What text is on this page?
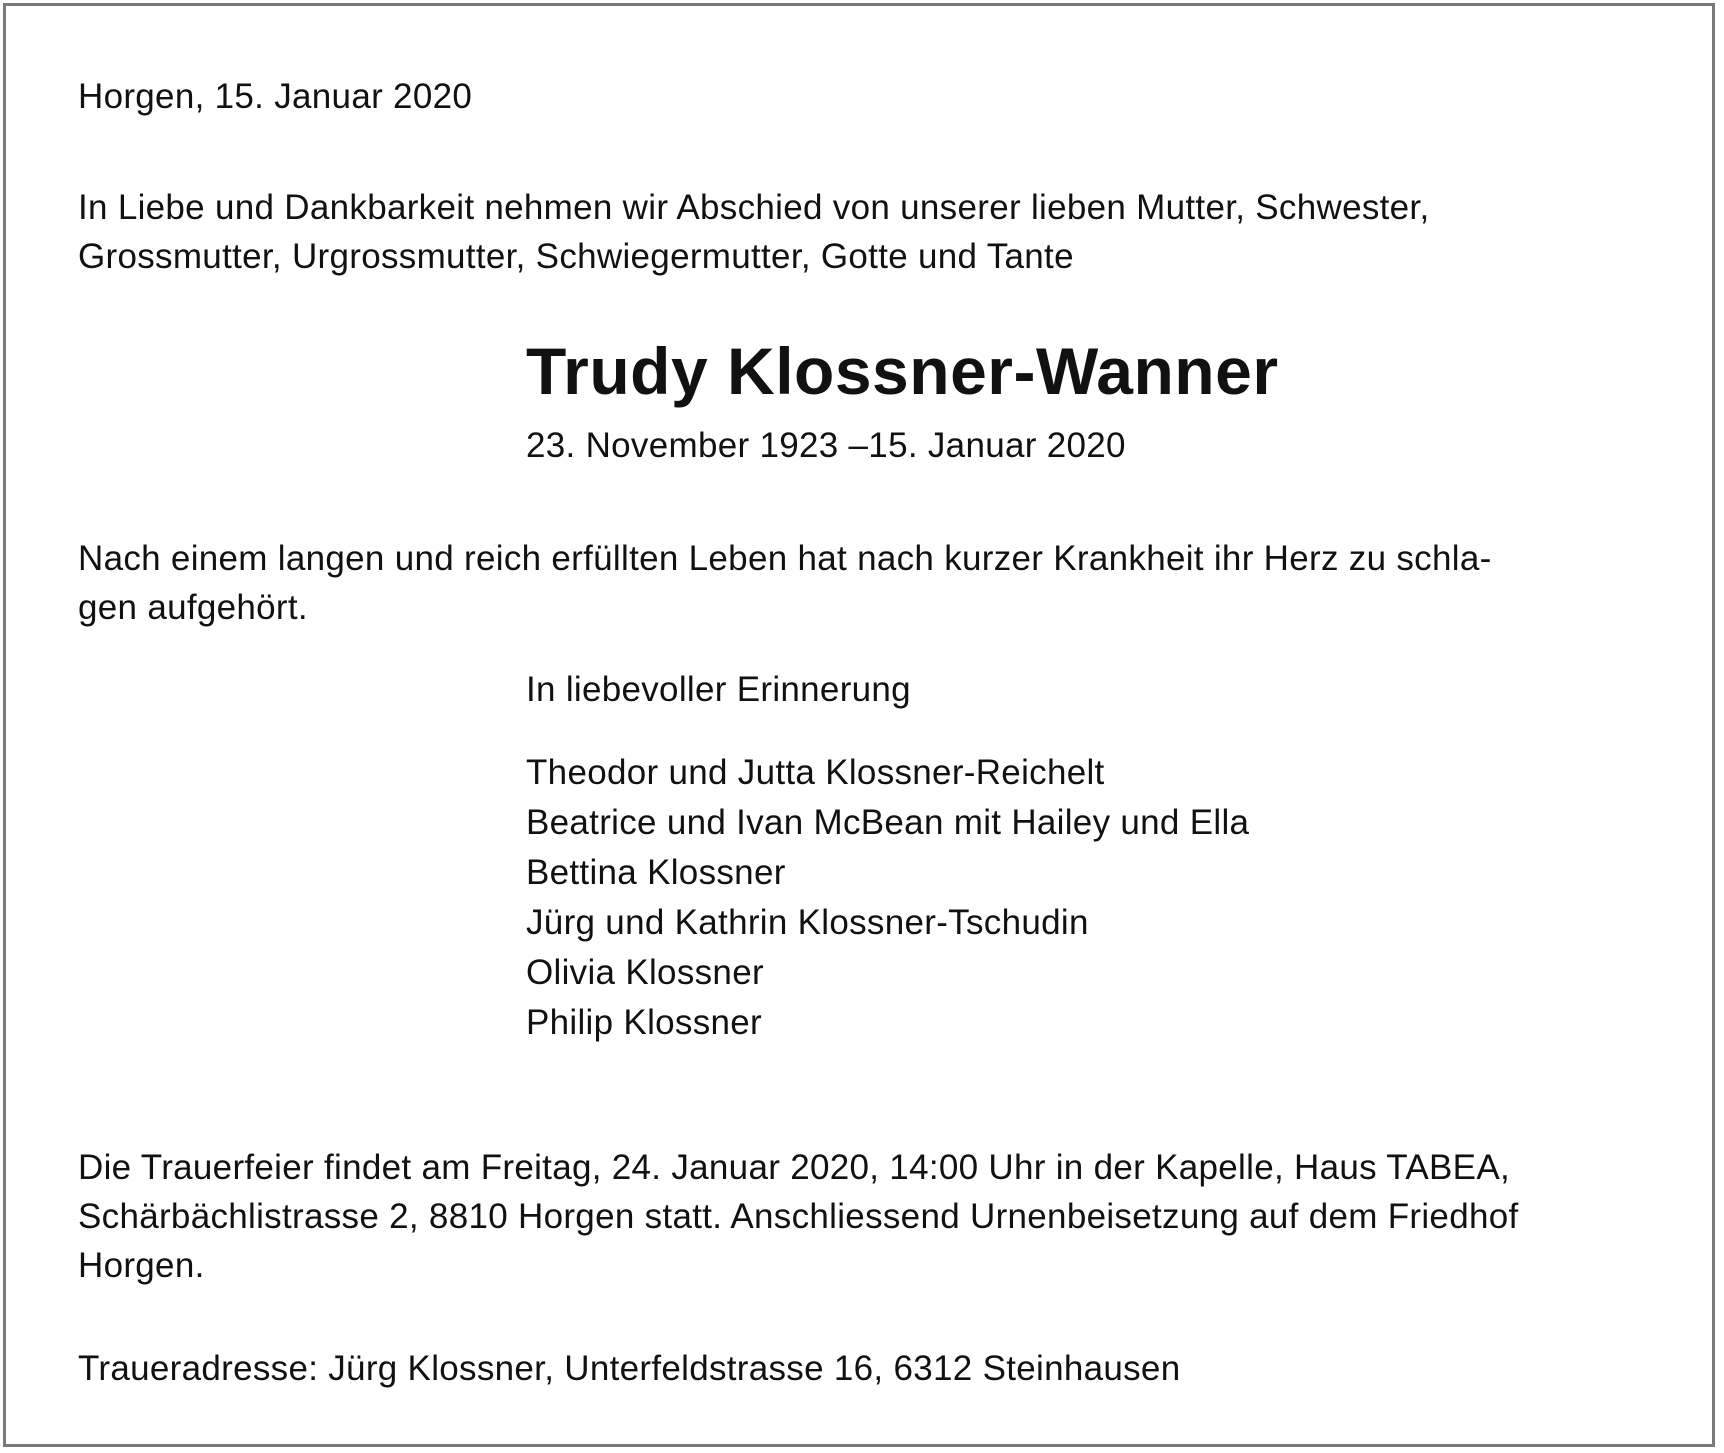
Horgen, 15. Januar 2020

In Liebe und Dankbarkeit nehmen wir Abschied von unserer lieben Mutter, Schwester,
Grossmutter, Urgrossmutter, Schwiegermutter, Gotte und Tante

Trudy Klossner-Wanner

23. November 1923 –15. Januar 2020

Nach einem langen und reich erfüllten Leben hat nach kurzer Krankheit ihr Herz zu schla-
gen aufgehört.

In liebevoller Erinnerung

Theodor und Jutta Klossner-Reichelt
Beatrice und Ivan McBean mit Hailey und Ella
Bettina Klossner
Jürg und Kathrin Klossner-Tschudin
Olivia Klossner
Philip Klossner

Die Trauerfeier findet am Freitag, 24. Januar 2020, 14:00 Uhr in der Kapelle, Haus TABEA,
Schärbächlistrasse 2, 8810 Horgen statt. Anschliessend Urnenbeisetzung auf dem Friedhof
Horgen.

Traueradresse: Jürg Klossner, Unterfeldstrasse 16, 6312 Steinhausen
